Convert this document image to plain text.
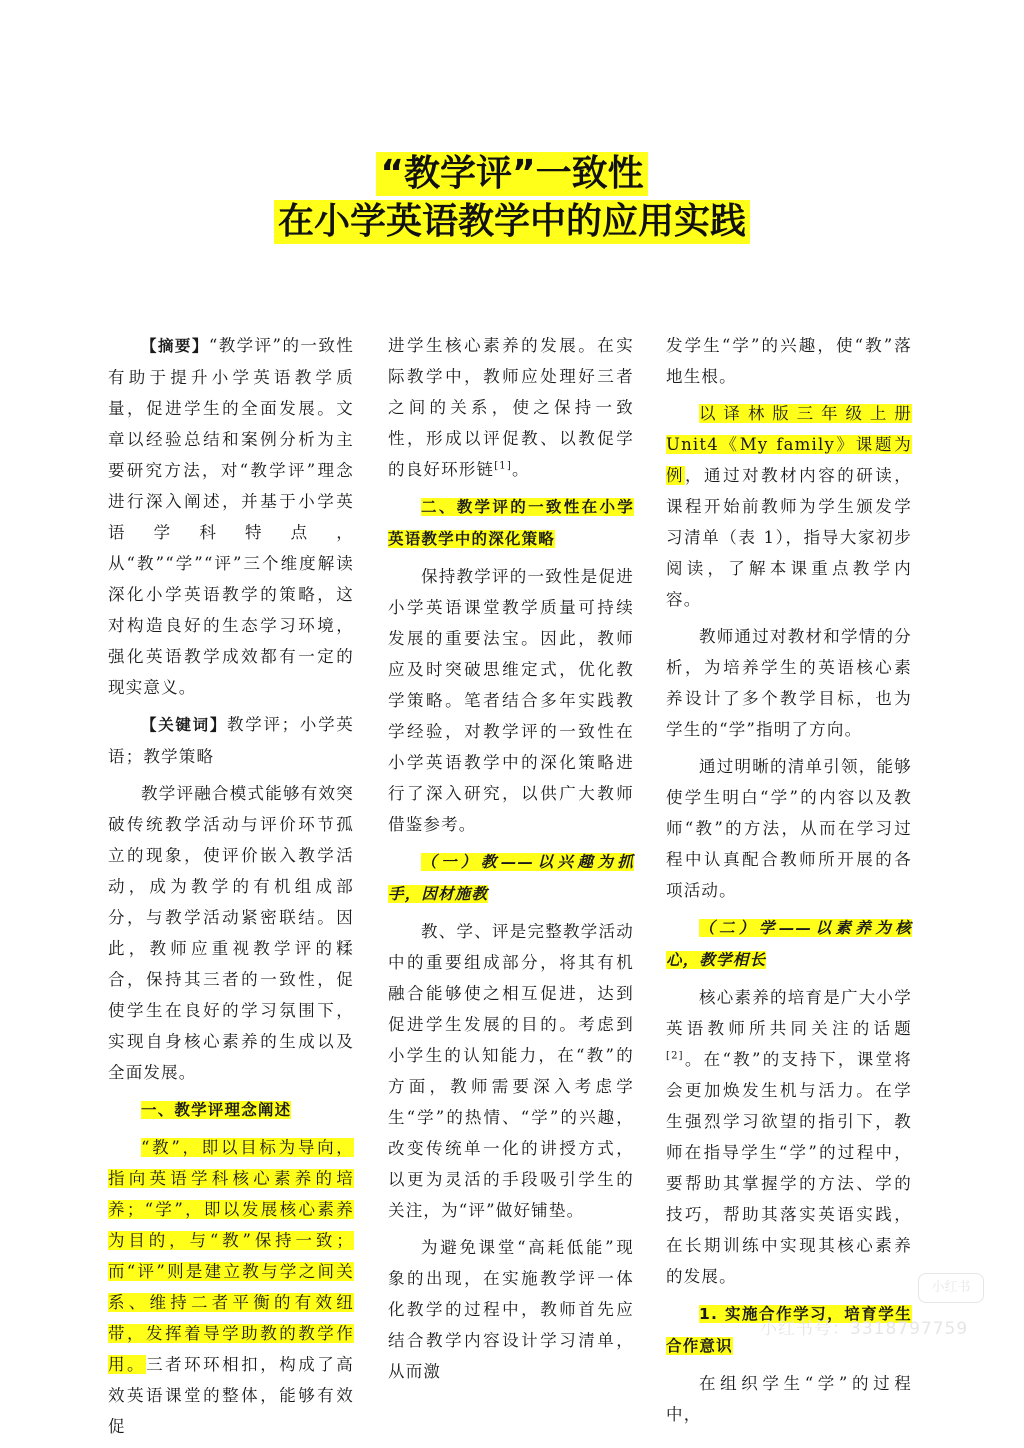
“教学评”一致性
在小学英语教学中的应用实践

【摘要】“教学评”的一致性有助于提升小学英语教学质量，促进学生的全面发展。文章以经验总结和案例分析为主要研究方法，对“教学评”理念进行深入阐述，并基于小学英语学科特点，从“教”“学”“评”三个维度解读深化小学英语教学的策略，这对构造良好的生态学习环境，强化英语教学成效都有一定的现实意义。

【关键词】教学评；小学英语；教学策略

教学评融合模式能够有效突破传统教学活动与评价环节孤立的现象，使评价嵌入教学活动，成为教学的有机组成部分，与教学活动紧密联结。因此，教师应重视教学评的糅合，保持其三者的一致性，促使学生在良好的学习氛围下，实现自身核心素养的生成以及全面发展。

一、教学评理念阐述

“教”，即以目标为导向，指向英语学科核心素养的培养；“学”，即以发展核心素养为目的，与“教”保持一致；而“评”则是建立教与学之间关系、维持二者平衡的有效纽带，发挥着导学助教的教学作用。三者环环相扣，构成了高效英语课堂的整体，能够有效促

进学生核心素养的发展。在实际教学中，教师应处理好三者之间的关系，使之保持一致性，形成以评促教、以教促学的良好环形链[1]。

二、教学评的一致性在小学英语教学中的深化策略

保持教学评的一致性是促进小学英语课堂教学质量可持续发展的重要法宝。因此，教师应及时突破思维定式，优化教学策略。笔者结合多年实践教学经验，对教学评的一致性在小学英语教学中的深化策略进行了深入研究，以供广大教师借鉴参考。

（一）教——以兴趣为抓手，因材施教

教、学、评是完整教学活动中的重要组成部分，将其有机融合能够使之相互促进，达到促进学生发展的目的。考虑到小学生的认知能力，在“教”的方面，教师需要深入考虑学生“学”的热情、“学”的兴趣，改变传统单一化的讲授方式，以更为灵活的手段吸引学生的关注，为“评”做好铺垫。

为避免课堂“高耗低能”现象的出现，在实施教学评一体化教学的过程中，教师首先应结合教学内容设计学习清单，从而激

发学生“学”的兴趣，使“教”落地生根。

以译林版三年级上册 Unit4《My family》课题为例，通过对教材内容的研读，课程开始前教师为学生颁发学习清单（表 1），指导大家初步阅读，了解本课重点教学内容。

教师通过对教材和学情的分析，为培养学生的英语核心素养设计了多个教学目标，也为学生的“学”指明了方向。

通过明晰的清单引领，能够使学生明白“学”的内容以及教师“教”的方法，从而在学习过程中认真配合教师所开展的各项活动。

（二）学——以素养为核心，教学相长

核心素养的培育是广大小学英语教师所共同关注的话题[2]。在“教”的支持下，课堂将会更加焕发生机与活力。在学生强烈学习欲望的指引下，教师在指导学生“学”的过程中，要帮助其掌握学的方法、学的技巧，帮助其落实英语实践，在长期训练中实现其核心素养的发展。

1. 实施合作学习，培育学生合作意识

在组织学生“学”的过程中，

小红书
小红书号：3318797759
